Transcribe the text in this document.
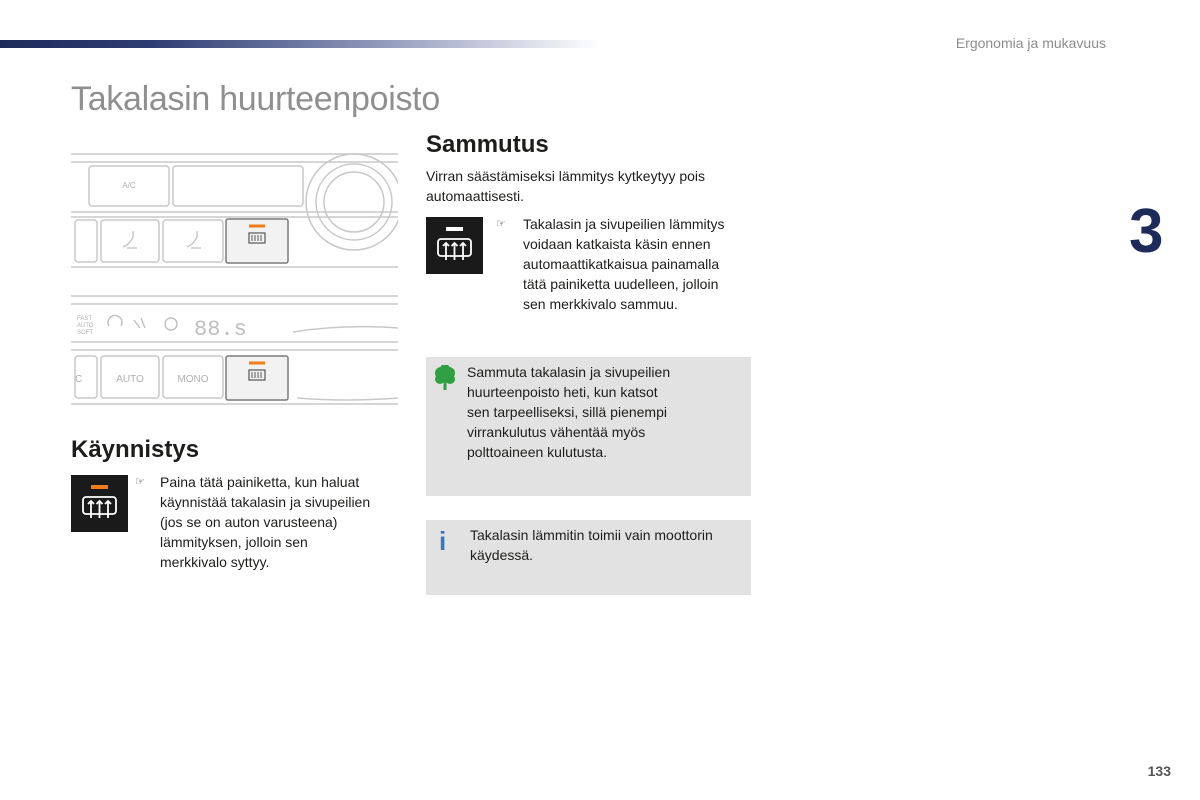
Ergonomia ja mukavuus
Takalasin huurteenpoisto
3
133
A/C
FAST AUTO SOFT	88.s
C	AUTO	MONO
Käynnistys
☞ Paina tätä painiketta, kun haluat
käynnistää takalasin ja sivupeilien
(jos se on auton varusteena)
lämmityksen, jolloin sen
merkkivalo syttyy.
Sammutus
Virran säästämiseksi lämmitys kytkeytyy pois
automaattisesti.
☞ Takalasin ja sivupeilien lämmitys
voidaan katkaista käsin ennen
automaattikatkaisua painamalla
tätä painiketta uudelleen, jolloin
sen merkkivalo sammuu.
Sammuta takalasin ja sivupeilien
huurteenpoisto heti, kun katsot
sen tarpeelliseksi, sillä pienempi
virrankulutus vähentää myös
polttoaineen kulutusta.
i Takalasin lämmitin toimii vain moottorin
käydessä.
